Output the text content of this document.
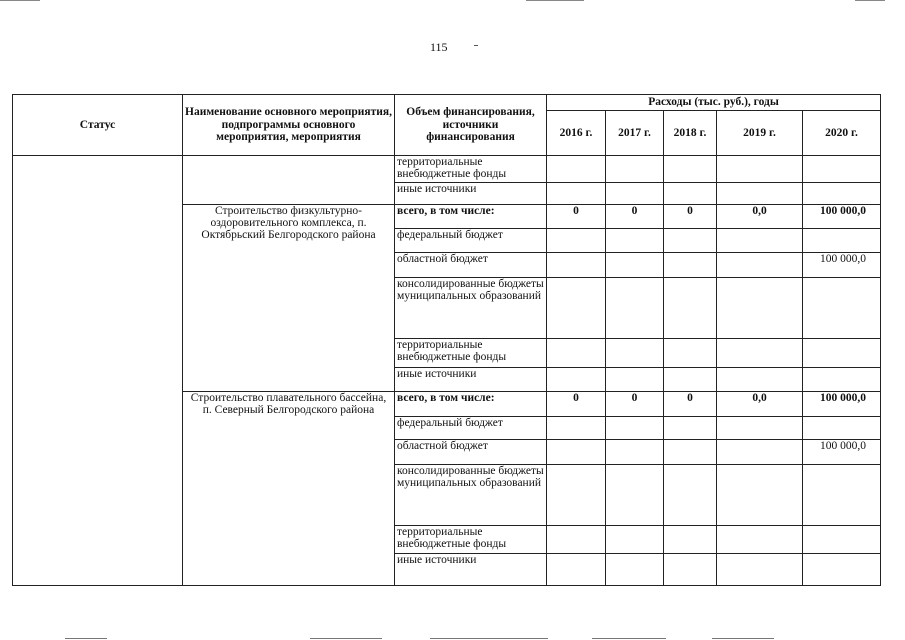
115
Статус	Наименование основного мероприятия, подпрограммы основного мероприятия, мероприятия	Объем финансирования, источники финансирования	Расходы (тыс. руб.), годы				
			2016 г.	2017 г.	2018 г.	2019 г.	2020 г.
		территориальные внебюджетные фонды					
		иные источники					
	Строительство физкультурно-оздоровительного комплекса, п. Октябрьский Белгородского района	всего, в том числе:	0	0	0	0,0	100 000,0
		федеральный бюджет					
		областной бюджет					100 000,0
		консолидированные бюджеты муниципальных образований					
		территориальные внебюджетные фонды					
		иные источники					
	Строительство плавательного бассейна, п. Северный Белгородского района	всего, в том числе:	0	0	0	0,0	100 000,0
		федеральный бюджет					
		областной бюджет					100 000,0
		консолидированные бюджеты муниципальных образований					
		территориальные внебюджетные фонды					
		иные источники					
